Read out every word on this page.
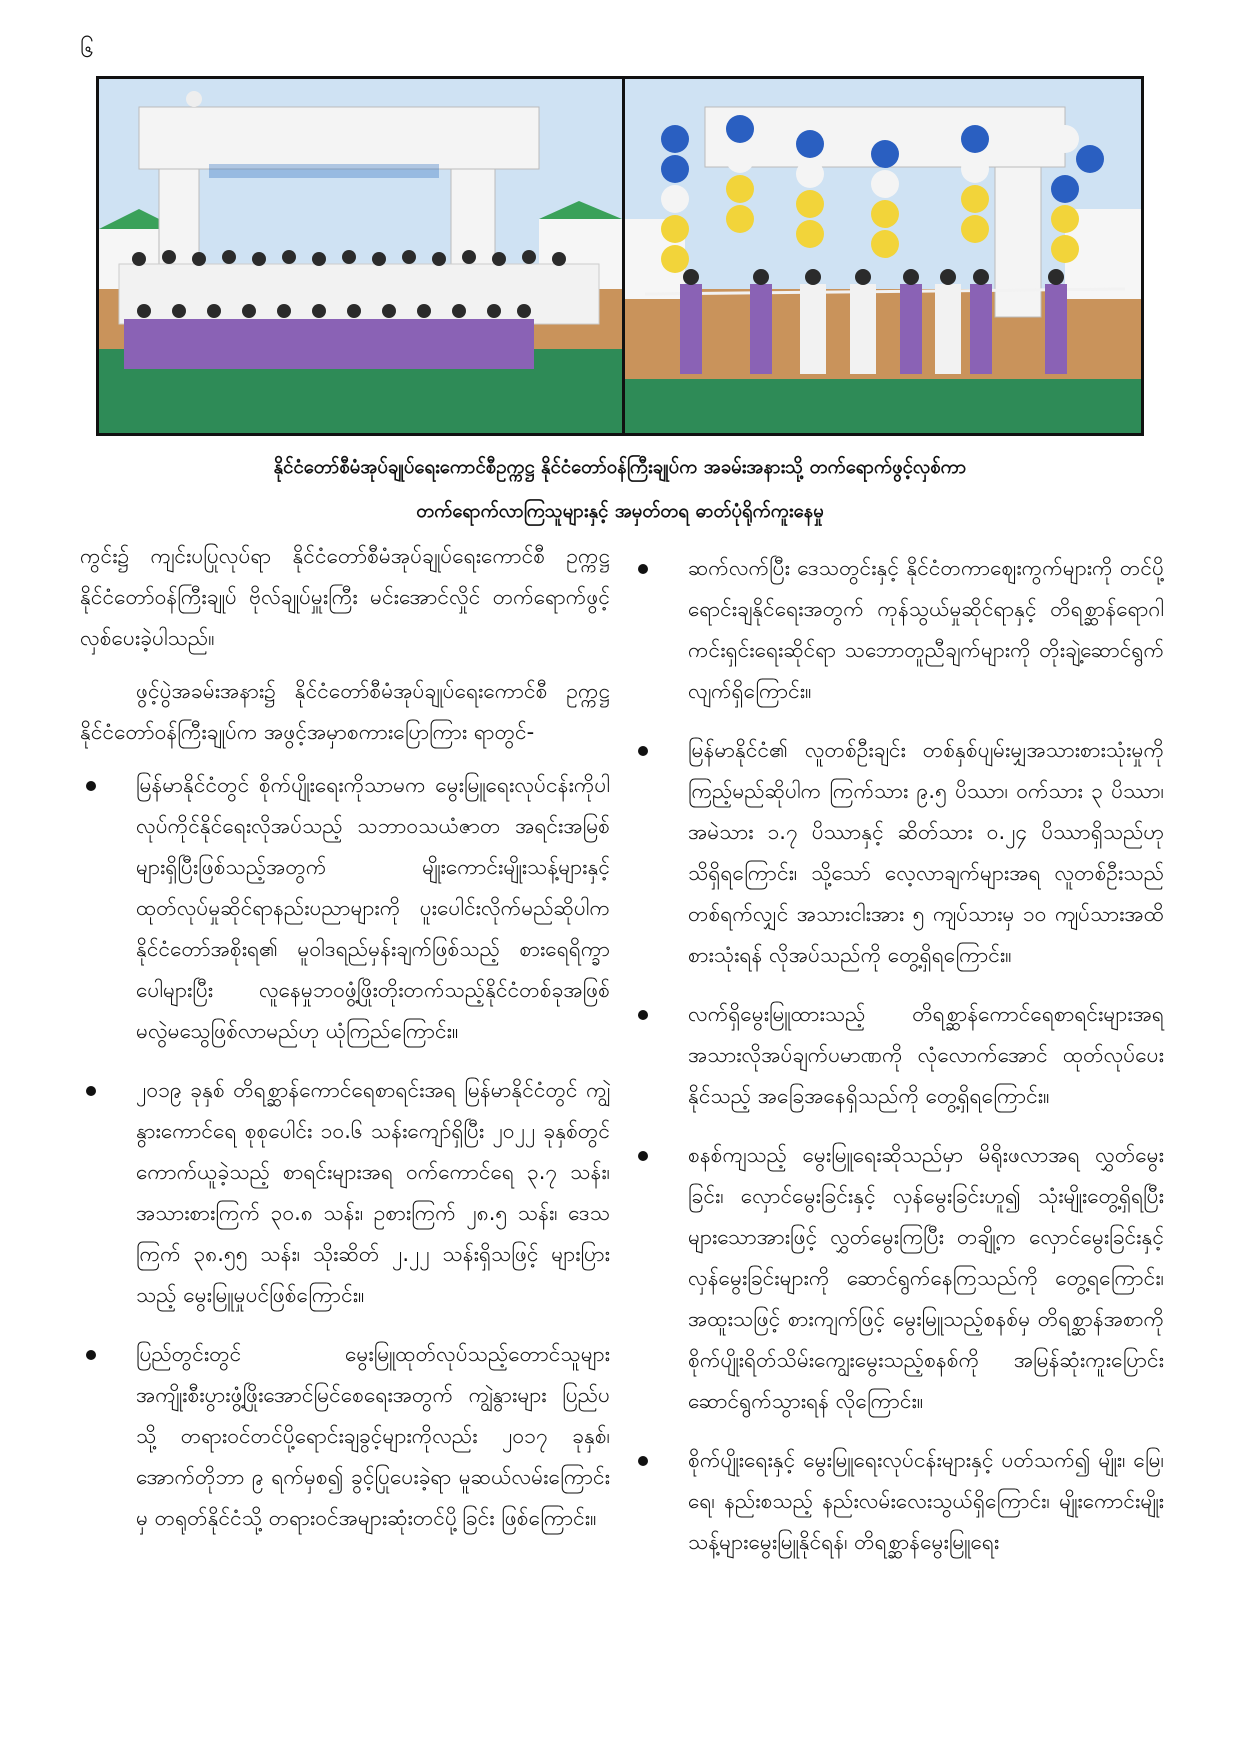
၆
နိုင်ငံတော်စီမံအုပ်ချုပ်ရေးကောင်စီဥက္ကဋ္ဌ နိုင်ငံတော်ဝန်ကြီးချုပ်က အခမ်းအနားသို့ တက်ရောက်ဖွင့်လှစ်ကာ
တက်ရောက်လာကြသူများနှင့် အမှတ်တရ ဓာတ်ပုံရိုက်ကူးနေမှု

ကွင်း၌ ကျင်းပပြုလုပ်ရာ နိုင်ငံတော်စီမံအုပ်ချုပ်ရေးကောင်စီ ဥက္ကဋ္ဌ နိုင်ငံတော်ဝန်ကြီးချုပ် ဗိုလ်ချုပ်မှူးကြီး မင်းအောင်လှိုင် တက်ရောက်ဖွင့်လှစ်ပေးခဲ့ပါသည်။

ဖွင့်ပွဲအခမ်းအနား၌ နိုင်ငံတော်စီမံအုပ်ချုပ်ရေးကောင်စီ ဥက္ကဋ္ဌ နိုင်ငံတော်ဝန်ကြီးချုပ်က အဖွင့်အမှာစကားပြောကြား ရာတွင်-

မြန်မာနိုင်ငံတွင် စိုက်ပျိုးရေးကိုသာမက မွေးမြူရေးလုပ်ငန်းကိုပါ လုပ်ကိုင်နိုင်ရေးလိုအပ်သည့် သဘာဝသယံဇာတ အရင်းအမြစ်များရှိပြီးဖြစ်သည့်အတွက် မျိုးကောင်းမျိုးသန့်များနှင့် ထုတ်လုပ်မှုဆိုင်ရာနည်းပညာများကို ပူးပေါင်းလိုက်မည်ဆိုပါက နိုင်ငံတော်အစိုးရ၏ မူဝါဒရည်မှန်းချက်ဖြစ်သည့် စားရေရိက္ခာပေါများပြီး လူနေမှုဘဝဖွံ့ဖြိုးတိုးတက်သည့်နိုင်ငံတစ်ခုအဖြစ် မလွဲမသွေဖြစ်လာမည်ဟု ယုံကြည်ကြောင်း။
၂၀၁၉ ခုနှစ် တိရစ္ဆာန်ကောင်ရေစာရင်းအရ မြန်မာနိုင်ငံတွင် ကျွဲနွားကောင်ရေ စုစုပေါင်း ၁၀.၆ သန်းကျော်ရှိပြီး ၂၀၂၂ ခုနှစ်တွင် ကောက်ယူခဲ့သည့် စာရင်းများအရ ဝက်ကောင်ရေ ၃.၇ သန်း၊ အသားစားကြက် ၃၀.၈ သန်း၊ ဥစားကြက် ၂၈.၅ သန်း၊ ဒေသကြက် ၃၈.၅၅ သန်း၊ သိုးဆိတ် ၂.၂၂ သန်းရှိသဖြင့် များပြားသည့် မွေးမြူမှုပင်ဖြစ်ကြောင်း။
ပြည်တွင်းတွင် မွေးမြူထုတ်လုပ်သည့်တောင်သူများ အကျိုးစီးပွားဖွံ့ဖြိုးအောင်မြင်စေရေးအတွက် ကျွဲနွားများ ပြည်ပသို့ တရားဝင်တင်ပို့ရောင်းချခွင့်များကိုလည်း ၂၀၁၇ ခုနှစ်၊ အောက်တိုဘာ ၉ ရက်မှစ၍ ခွင့်ပြုပေးခဲ့ရာ မူဆယ်လမ်းကြောင်းမှ တရုတ်နိုင်ငံသို့ တရားဝင်အများဆုံးတင်ပို့ခြင်း ဖြစ်ကြောင်း။
ဆက်လက်ပြီး ဒေသတွင်းနှင့် နိုင်ငံတကာဈေးကွက်များကို တင်ပို့ရောင်းချနိုင်ရေးအတွက် ကုန်သွယ်မှုဆိုင်ရာနှင့် တိရစ္ဆာန်ရောဂါကင်းရှင်းရေးဆိုင်ရာ သဘောတူညီချက်များကို တိုးချဲ့ဆောင်ရွက်လျက်ရှိကြောင်း။
မြန်မာနိုင်ငံ၏ လူတစ်ဦးချင်း တစ်နှစ်ပျမ်းမျှအသားစားသုံးမှုကို ကြည့်မည်ဆိုပါက ကြက်သား ၉.၅ ပိဿာ၊ ဝက်သား ၃ ပိဿာ၊ အမဲသား ၁.၇ ပိဿာနှင့် ဆိတ်သား ၀.၂၄ ပိဿာရှိသည်ဟု သိရှိရကြောင်း၊ သို့သော် လေ့လာချက်များအရ လူတစ်ဦးသည် တစ်ရက်လျှင် အသားငါးအား ၅ ကျပ်သားမှ ၁၀ ကျပ်သားအထိ စားသုံးရန် လိုအပ်သည်ကို တွေ့ရှိရကြောင်း။
လက်ရှိမွေးမြူထားသည့် တိရစ္ဆာန်ကောင်ရေစာရင်းများအရ အသားလိုအပ်ချက်ပမာဏကို လုံလောက်အောင် ထုတ်လုပ်ပေးနိုင်သည့် အခြေအနေရှိသည်ကို တွေ့ရှိရကြောင်း။
စနစ်ကျသည့် မွေးမြူရေးဆိုသည်မှာ မိရိုးဖလာအရ လွှတ်မွေးခြင်း၊ လှောင်မွေးခြင်းနှင့် လှန်မွေးခြင်းဟူ၍ သုံးမျိုးတွေ့ရှိရပြီး များသောအားဖြင့် လွှတ်မွေးကြပြီး တချို့က လှောင်မွေးခြင်းနှင့် လှန်မွေးခြင်းများကို ဆောင်ရွက်နေကြသည်ကို တွေ့ရကြောင်း၊ အထူးသဖြင့် စားကျက်ဖြင့် မွေးမြူသည့်စနစ်မှ တိရစ္ဆာန်အစာကို စိုက်ပျိုးရိတ်သိမ်းကျွေးမွေးသည့်စနစ်ကို အမြန်ဆုံးကူးပြောင်းဆောင်ရွက်သွားရန် လိုကြောင်း။
စိုက်ပျိုးရေးနှင့် မွေးမြူရေးလုပ်ငန်းများနှင့် ပတ်သက်၍ မျိုး၊ မြေ၊ ရေ၊ နည်းစသည့် နည်းလမ်းလေးသွယ်ရှိကြောင်း၊ မျိုးကောင်းမျိုးသန့်များမွေးမြူနိုင်ရန်၊ တိရစ္ဆာန်မွေးမြူရေး
